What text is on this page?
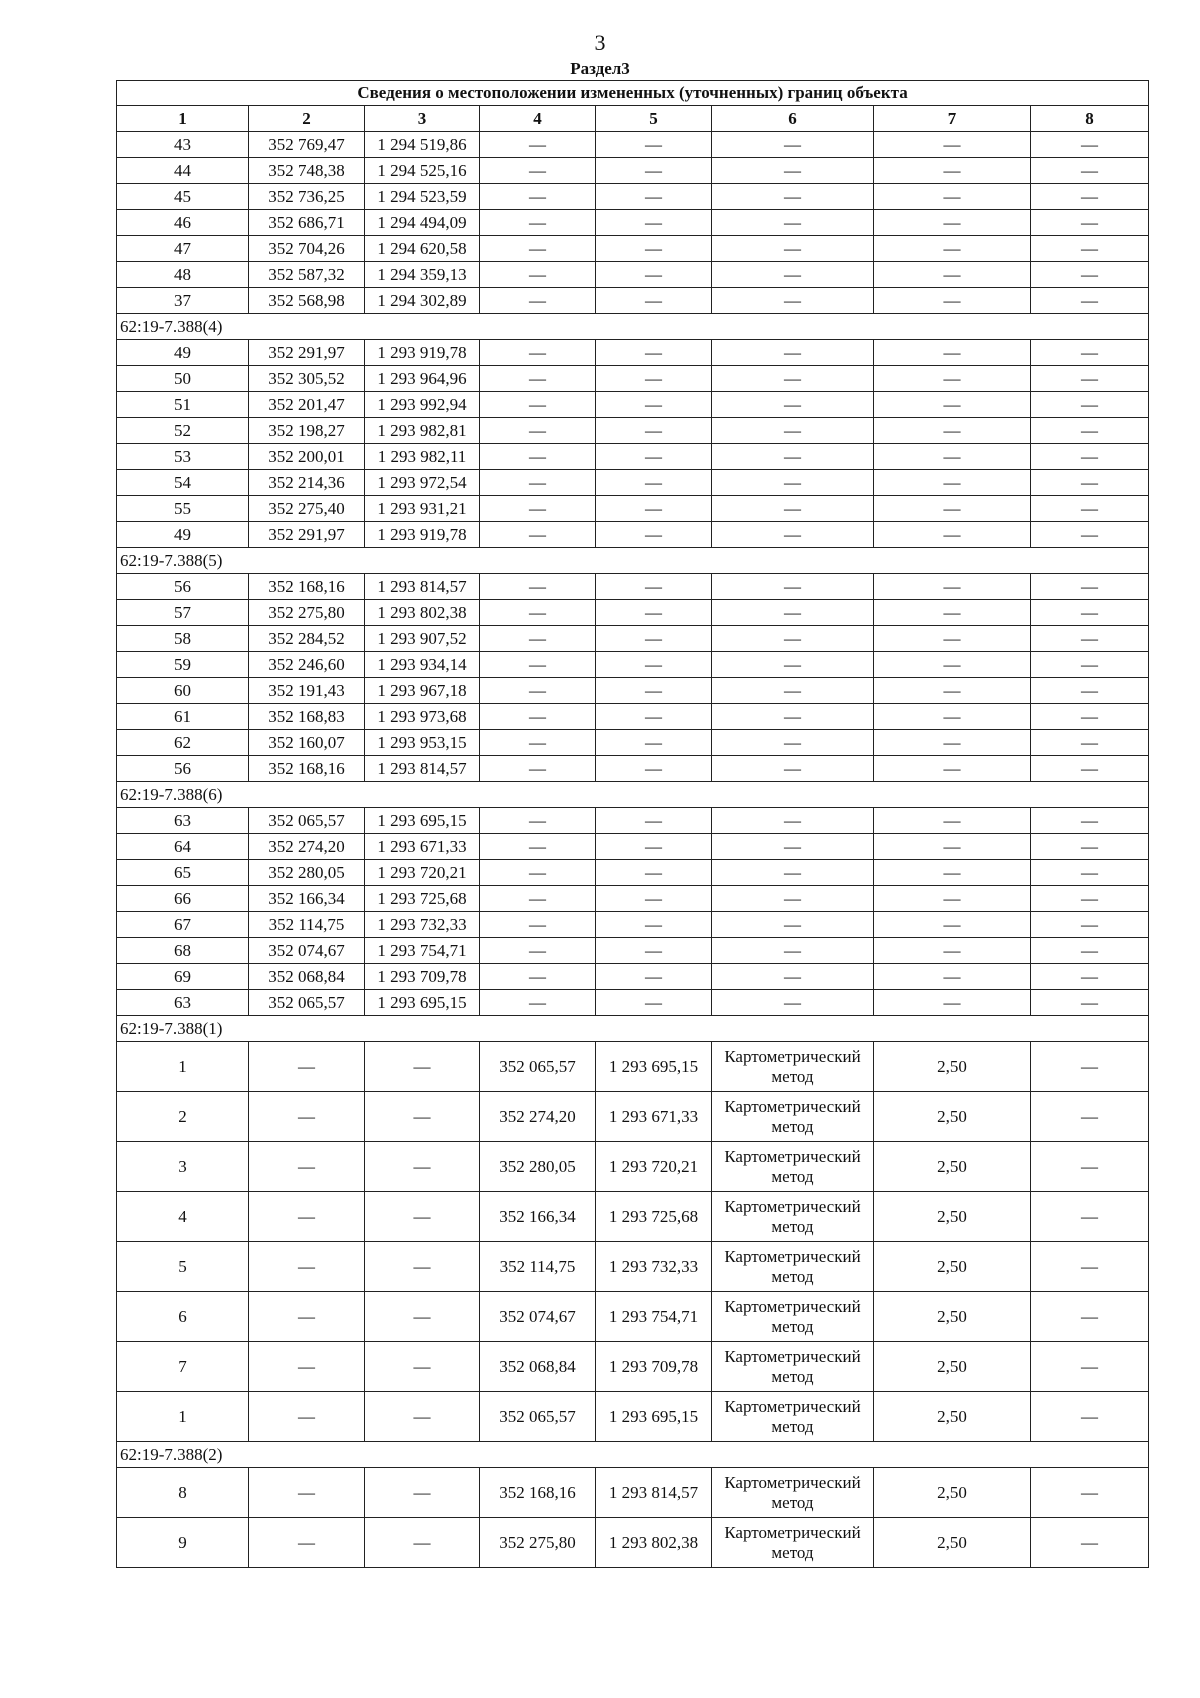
3
Раздел3
Сведения о местоположении измененных (уточненных) границ объекта							
1	2	3	4	5	6	7	8
43	352 769,47	1 294 519,86	—	—	—	—	—
44	352 748,38	1 294 525,16	—	—	—	—	—
45	352 736,25	1 294 523,59	—	—	—	—	—
46	352 686,71	1 294 494,09	—	—	—	—	—
47	352 704,26	1 294 620,58	—	—	—	—	—
48	352 587,32	1 294 359,13	—	—	—	—	—
37	352 568,98	1 294 302,89	—	—	—	—	—
62:19-7.388(4)							
49	352 291,97	1 293 919,78	—	—	—	—	—
50	352 305,52	1 293 964,96	—	—	—	—	—
51	352 201,47	1 293 992,94	—	—	—	—	—
52	352 198,27	1 293 982,81	—	—	—	—	—
53	352 200,01	1 293 982,11	—	—	—	—	—
54	352 214,36	1 293 972,54	—	—	—	—	—
55	352 275,40	1 293 931,21	—	—	—	—	—
49	352 291,97	1 293 919,78	—	—	—	—	—
62:19-7.388(5)							
56	352 168,16	1 293 814,57	—	—	—	—	—
57	352 275,80	1 293 802,38	—	—	—	—	—
58	352 284,52	1 293 907,52	—	—	—	—	—
59	352 246,60	1 293 934,14	—	—	—	—	—
60	352 191,43	1 293 967,18	—	—	—	—	—
61	352 168,83	1 293 973,68	—	—	—	—	—
62	352 160,07	1 293 953,15	—	—	—	—	—
56	352 168,16	1 293 814,57	—	—	—	—	—
62:19-7.388(6)							
63	352 065,57	1 293 695,15	—	—	—	—	—
64	352 274,20	1 293 671,33	—	—	—	—	—
65	352 280,05	1 293 720,21	—	—	—	—	—
66	352 166,34	1 293 725,68	—	—	—	—	—
67	352 114,75	1 293 732,33	—	—	—	—	—
68	352 074,67	1 293 754,71	—	—	—	—	—
69	352 068,84	1 293 709,78	—	—	—	—	—
63	352 065,57	1 293 695,15	—	—	—	—	—
62:19-7.388(1)							
1	—	—	352 065,57	1 293 695,15	Картометрический метод	2,50	—
2	—	—	352 274,20	1 293 671,33	Картометрический метод	2,50	—
3	—	—	352 280,05	1 293 720,21	Картометрический метод	2,50	—
4	—	—	352 166,34	1 293 725,68	Картометрический метод	2,50	—
5	—	—	352 114,75	1 293 732,33	Картометрический метод	2,50	—
6	—	—	352 074,67	1 293 754,71	Картометрический метод	2,50	—
7	—	—	352 068,84	1 293 709,78	Картометрический метод	2,50	—
1	—	—	352 065,57	1 293 695,15	Картометрический метод	2,50	—
62:19-7.388(2)							
8	—	—	352 168,16	1 293 814,57	Картометрический метод	2,50	—
9	—	—	352 275,80	1 293 802,38	Картометрический метод	2,50	—
